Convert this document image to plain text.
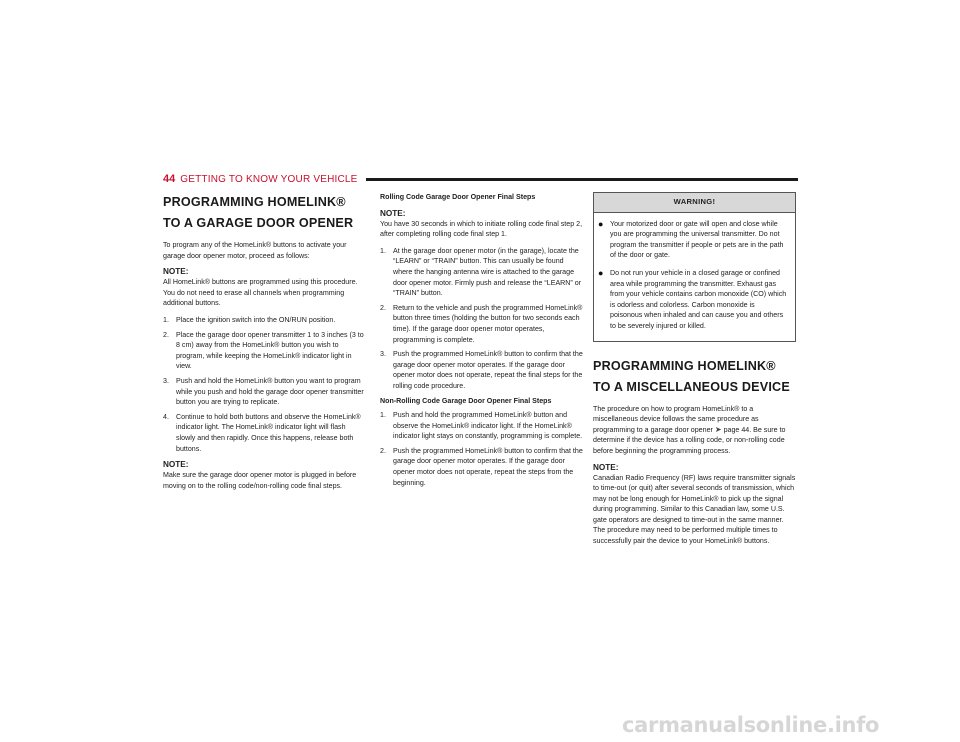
44 GETTING TO KNOW YOUR VEHICLE
PROGRAMMING HOMELINK® TO A GARAGE DOOR OPENER

To program any of the HomeLink® buttons to activate your garage door opener motor, proceed as follows:

NOTE:

All HomeLink® buttons are programmed using this procedure. You do not need to erase all channels when programming additional buttons.

1. Place the ignition switch into the ON/RUN position.
2. Place the garage door opener transmitter 1 to 3 inches (3 to 8 cm) away from the HomeLink® button you wish to program, while keeping the HomeLink® indicator light in view.
3. Push and hold the HomeLink® button you want to program while you push and hold the garage door opener transmitter button you are trying to replicate.
4. Continue to hold both buttons and observe the HomeLink® indicator light. The HomeLink® indicator light will flash slowly and then rapidly. Once this happens, release both buttons.
NOTE:

Make sure the garage door opener motor is plugged in before moving on to the rolling code/non-rolling code final steps.

Rolling Code Garage Door Opener Final Steps

NOTE:

You have 30 seconds in which to initiate rolling code final step 2, after completing rolling code final step 1.

1. At the garage door opener motor (in the garage), locate the “LEARN” or “TRAIN” button. This can usually be found where the hanging antenna wire is attached to the garage door opener motor. Firmly push and release the “LEARN” or “TRAIN” button.
2. Return to the vehicle and push the programmed HomeLink® button three times (holding the button for two seconds each time). If the garage door opener motor operates, programming is complete.
3. Push the programmed HomeLink® button to confirm that the garage door opener motor operates. If the garage door opener motor does not operate, repeat the final steps for the rolling code procedure.

Non-Rolling Code Garage Door Opener Final Steps

1. Push and hold the programmed HomeLink® button and observe the HomeLink® indicator light. If the HomeLink® indicator light stays on constantly, programming is complete.
2. Push the programmed HomeLink® button to confirm that the garage door opener motor operates. If the garage door opener motor does not operate, repeat the steps from the beginning.
WARNING!
● Your motorized door or gate will open and close while you are programming the universal transmitter. Do not program the transmitter if people or pets are in the path of the door or gate.
● Do not run your vehicle in a closed garage or confined area while programming the transmitter. Exhaust gas from your vehicle contains carbon monoxide (CO) which is odorless and colorless. Carbon monoxide is poisonous when inhaled and can cause you and others to be severely injured or killed.
PROGRAMMING HOMELINK® TO A MISCELLANEOUS DEVICE

The procedure on how to program HomeLink® to a miscellaneous device follows the same procedure as programming to a garage door opener ➤ page 44. Be sure to determine if the device has a rolling code, or non-rolling code before beginning the programming process.

NOTE:

Canadian Radio Frequency (RF) laws require transmitter signals to time-out (or quit) after several seconds of transmission, which may not be long enough for HomeLink® to pick up the signal during programming. Similar to this Canadian law, some U.S. gate operators are designed to time-out in the same manner. The procedure may need to be performed multiple times to successfully pair the device to your HomeLink® buttons.

carmanualsonline.info
